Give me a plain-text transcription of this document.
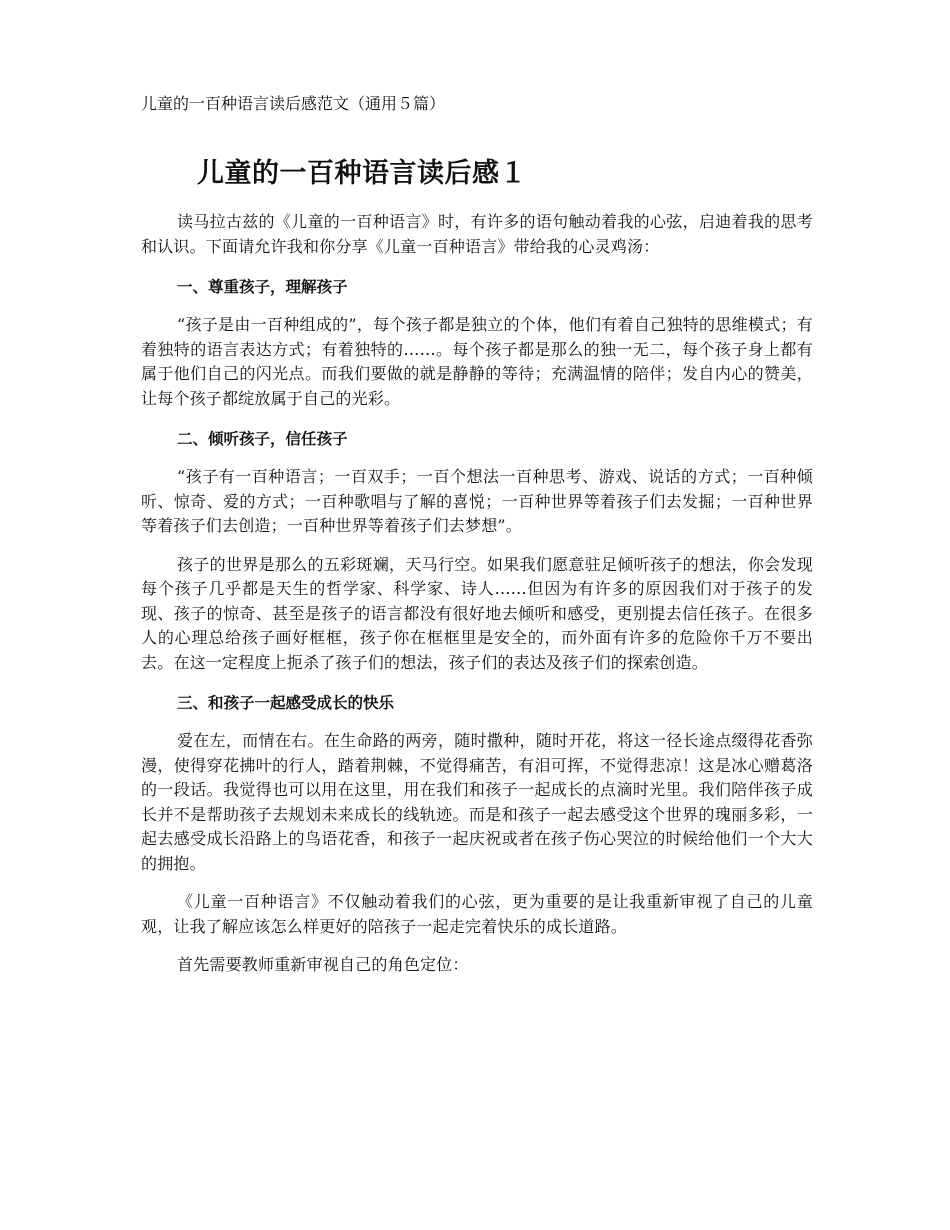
儿童的一百种语言读后感范文（通用５篇）

儿童的一百种语言读后感１

读马拉古兹的《儿童的一百种语言》时，有许多的语句触动着我的心弦，启迪着我的思考和认识。下面请允许我和你分享《儿童一百种语言》带给我的心灵鸡汤：

一、尊重孩子，理解孩子

“孩子是由一百种组成的”，每个孩子都是独立的个体，他们有着自己独特的思维模式；有着独特的语言表达方式；有着独特的……。每个孩子都是那么的独一无二，每个孩子身上都有属于他们自己的闪光点。而我们要做的就是静静的等待；充满温情的陪伴；发自内心的赞美，让每个孩子都绽放属于自己的光彩。

二、倾听孩子，信任孩子

“孩子有一百种语言；一百双手；一百个想法一百种思考、游戏、说话的方式；一百种倾听、惊奇、爱的方式；一百种歌唱与了解的喜悦；一百种世界等着孩子们去发掘；一百种世界等着孩子们去创造；一百种世界等着孩子们去梦想”。

孩子的世界是那么的五彩斑斓，天马行空。如果我们愿意驻足倾听孩子的想法，你会发现每个孩子几乎都是天生的哲学家、科学家、诗人……但因为有许多的原因我们对于孩子的发现、孩子的惊奇、甚至是孩子的语言都没有很好地去倾听和感受，更别提去信任孩子。在很多人的心理总给孩子画好框框，孩子你在框框里是安全的，而外面有许多的危险你千万不要出去。在这一定程度上扼杀了孩子们的想法，孩子们的表达及孩子们的探索创造。

三、和孩子一起感受成长的快乐

爱在左，而情在右。在生命路的两旁，随时撒种，随时开花，将这一径长途点缀得花香弥漫，使得穿花拂叶的行人，踏着荆棘，不觉得痛苦，有泪可挥，不觉得悲凉！这是冰心赠葛洛的一段话。我觉得也可以用在这里，用在我们和孩子一起成长的点滴时光里。我们陪伴孩子成长并不是帮助孩子去规划未来成长的线轨迹。而是和孩子一起去感受这个世界的瑰丽多彩，一起去感受成长沿路上的鸟语花香，和孩子一起庆祝或者在孩子伤心哭泣的时候给他们一个大大的拥抱。

《儿童一百种语言》不仅触动着我们的心弦，更为重要的是让我重新审视了自己的儿童观，让我了解应该怎么样更好的陪孩子一起走完着快乐的成长道路。

首先需要教师重新审视自己的角色定位：
